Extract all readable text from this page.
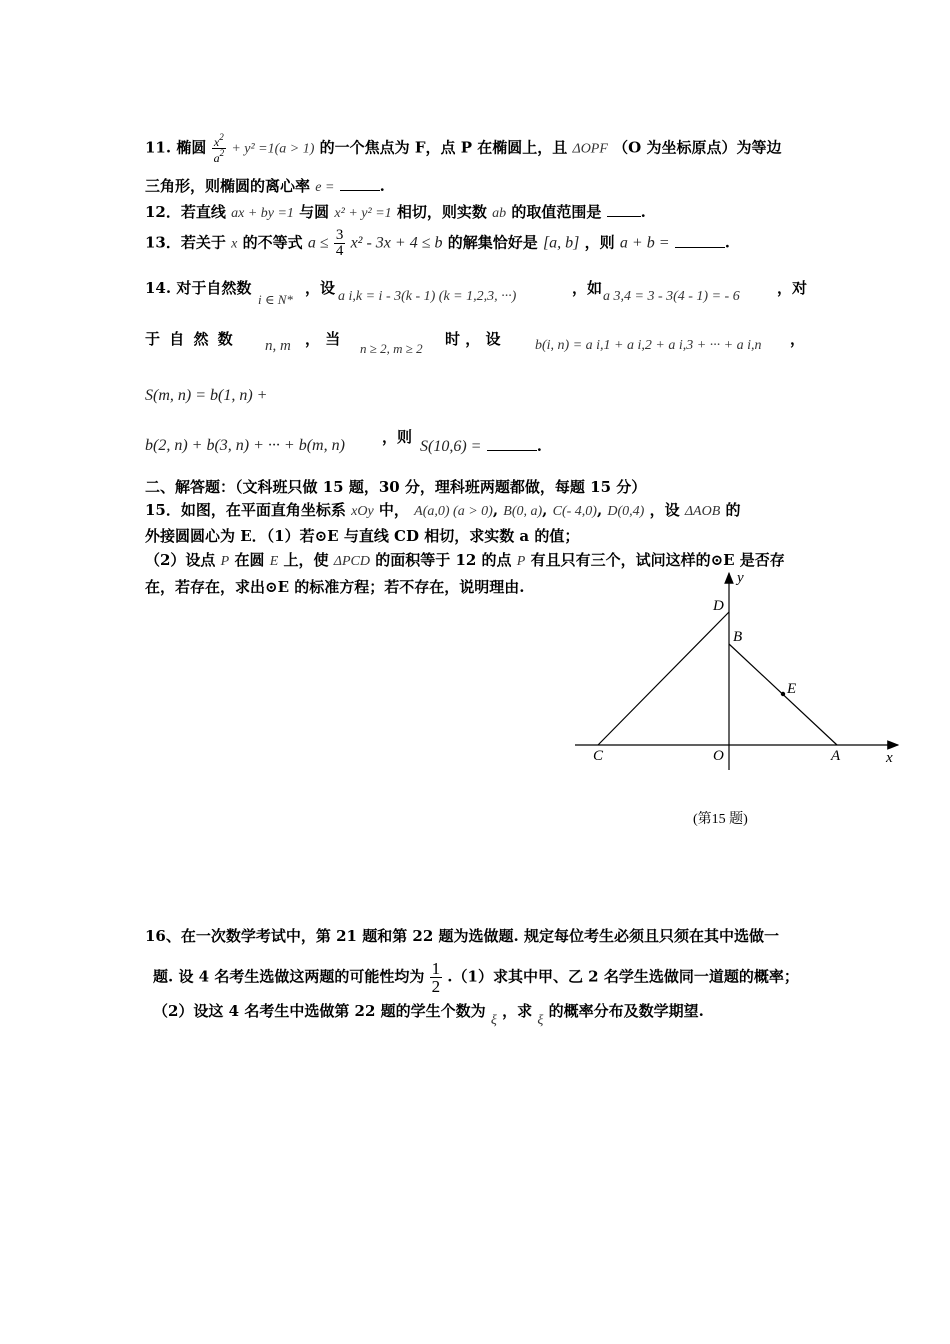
11. 椭圆 $\frac{x^2}{a^2} + y^2 =1(a > 1)$ 的一个焦点为 F，点 P 在椭圆上，且 ΔOPF （O 为坐标原点）为等边
三角形，则椭圆的离心率 e =	.
12．若直线 ax + by =1 与圆 x² + y² =1 相切，则实数 ab 的取值范围是	.
13．若关于 x 的不等式 $a \le \frac{3}{4} x^2 - 3x + 4 \le b$ 的解集恰好是 [a, b] ，则 a + b =	.
14. 对于自然数
i ∈ N*
，设 a i,k = i - 3(k - 1) (k = 1,2,3, ···)	，如 a 3,4 = 3 - 3(4 - 1) = - 6 ，对
于 自 然 数 n, m ， 当
n ≥ 2, m ≥ 2
时 ， 设 b(i, n) = a i,1 + a i,2 + a i,3 + ··· + a i,n ，
S(m, n) = b(1, n) +
b(2, n) + b(3, n) + ··· + b(m, n) ，则
S(10,6) =	.
二、解答题：（文科班只做 15 题，30 分，理科班两题都做，每题 15 分）
15．如图，在平面直角坐标系 xOy 中， A(a,0) (a > 0), B(0, a), C(- 4,0), D(0,4) ，设 ΔAOB 的
外接圆圆心为 E．（1）若⊙E 与直线 CD 相切，求实数 a 的值；
（2）设点 P 在圆 E 上，使 ΔPCD 的面积等于 12 的点 P 有且只有三个，试问这样的⊙E 是否存
在，若存在，求出⊙E 的标准方程；若不存在，说明理由.	y
D
B
E
C	O	A	x
(第15 题)
16、在一次数学考试中，第 21 题和第 22 题为选做题. 规定每位考生必须且只须在其中选做一
题. 设 4 名考生选做这两题的可能性均为 $\frac{1}{2} .(1)$求其中甲、乙 2 名学生选做同一道题的概率；
（2）设这 4 名考生中选做第 22 题的学生个数为 ξ ，求 ξ 的概率分布及数学期望.
